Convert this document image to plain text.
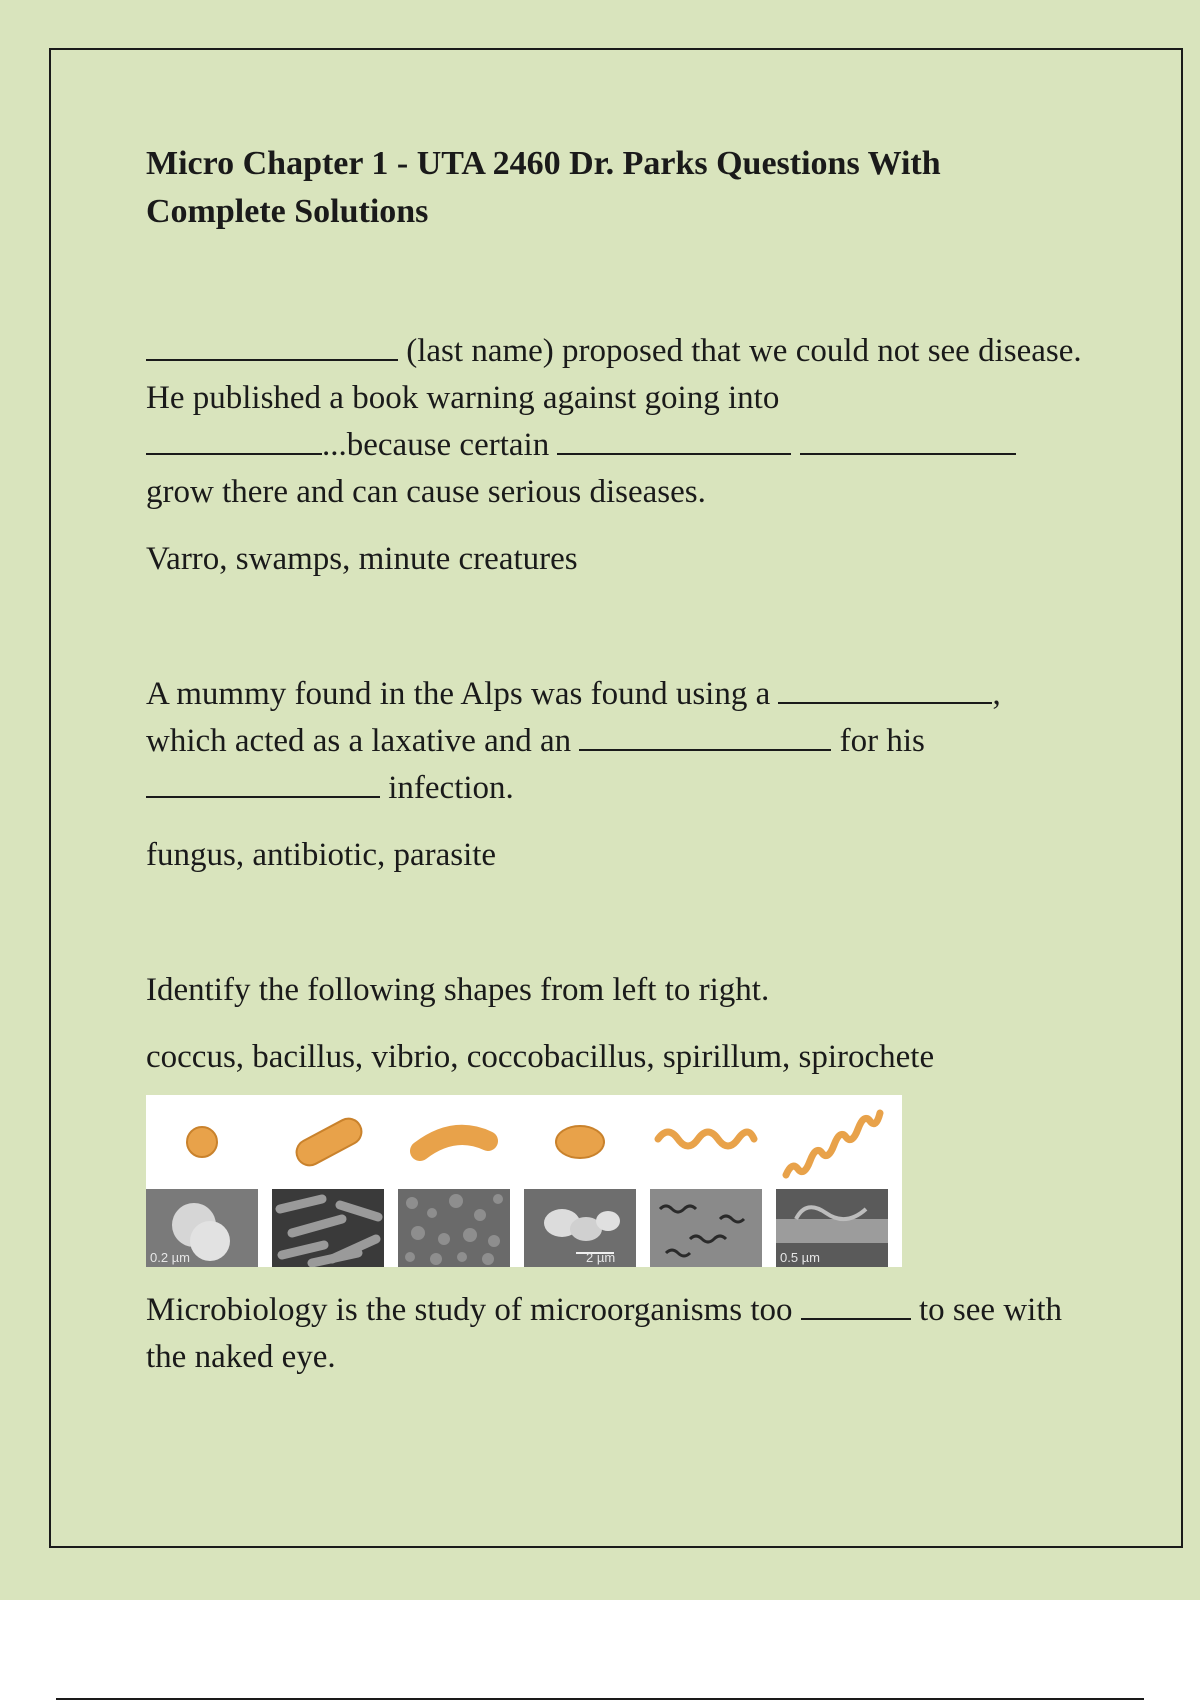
Micro Chapter 1 - UTA 2460 Dr. Parks Questions With Complete Solutions

(last name) proposed that we could not see disease. He published a book warning against going into
...because certain
grow there and can cause serious diseases.

Varro, swamps, minute creatures

A mummy found in the Alps was found using a	,
which acted as a laxative and an	for his
infection.

fungus, antibiotic, parasite

Identify the following shapes from left to right.

coccus, bacillus, vibrio, coccobacillus, spirillum, spirochete

0.2 µm	2 µm	0.5 µm

Microbiology is the study of microorganisms too	to see with the naked eye.
